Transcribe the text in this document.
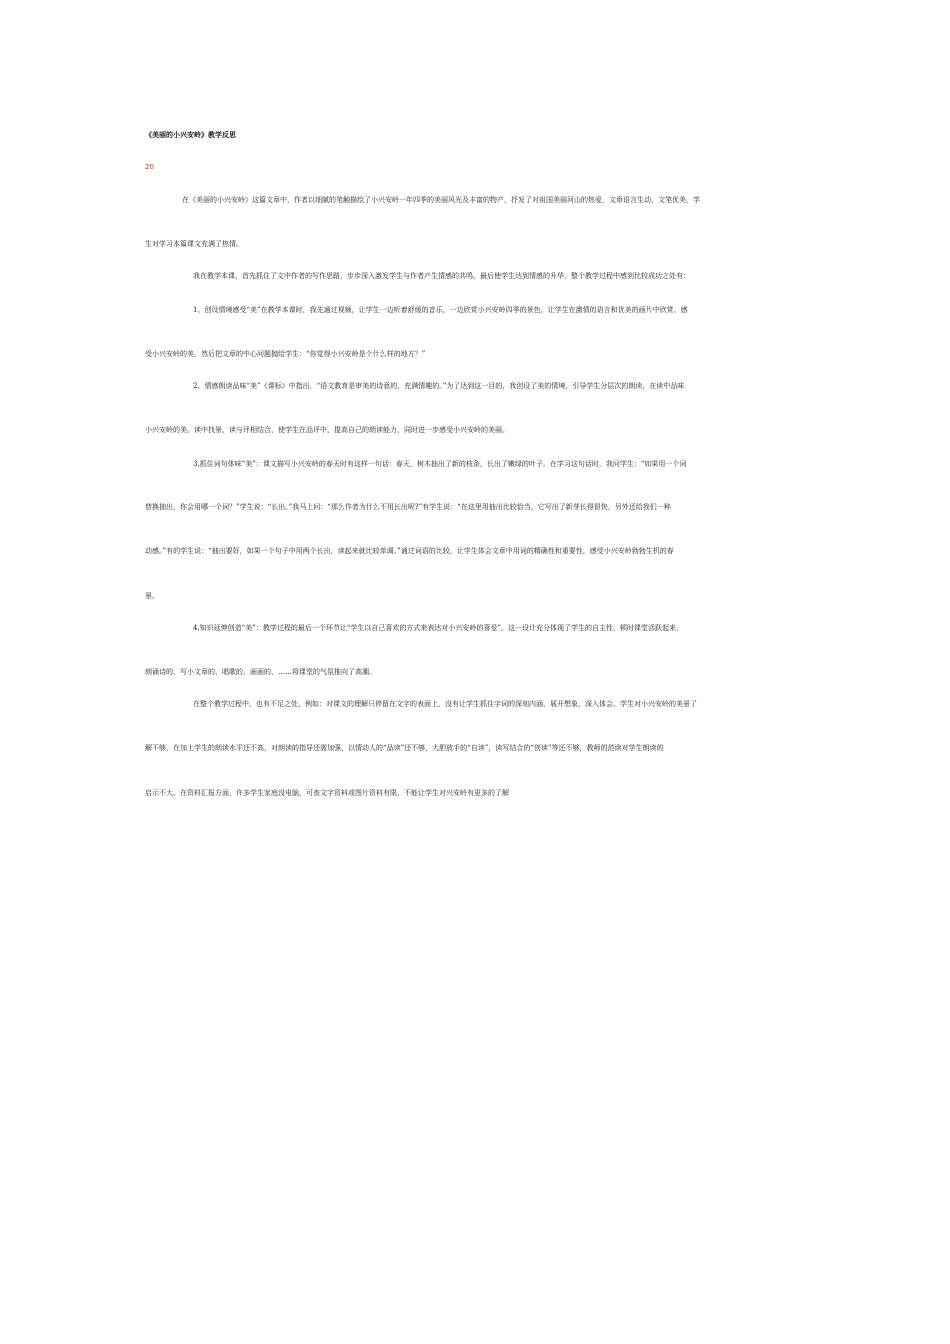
《美丽的小兴安岭》教学反思
20
在《美丽的小兴安岭》这篇文章中，作者以细腻的笔触描绘了小兴安岭一年四季的美丽风光及丰富的物产，抒发了对祖国美丽河山的热爱，文章语言生动，文笔优美，学
生对学习本篇课文充满了热情。
我在教学本课，首先抓住了文中作者的写作思路，步步深入激发学生与作者产生情感的共鸣，最后使学生达到情感的升华，整个教学过程中感到比较成功之处有：
1、创设情境感受“美”在教学本课时，我先通过视频，让学生一边听着舒缓的音乐，一边欣赏小兴安岭四季的景色，让学生在激情的语言和优美的画片中欣赏、感
受小兴安岭的美，然后把文章的中心问题抛给学生：“你觉得小兴安岭是个什么样的地方？”
2、情感朗读品味“美”《课标》中指出，“语文教育是审美的诗意的，充满情趣的。”为了达到这一目的，我创设了美的情境，引导学生分层次的朗读，在读中品味
小兴安岭的美。读中找景，读与评相结合，使学生在品评中，提高自己的朗读能力，同时进一步感受小兴安岭的美丽。
3,抓住词句体味“美”：课文描写小兴安岭的春天时有这样一句话：春天，树木抽出了新的枝条，长出了嫩绿的叶子。在学习这句话时，我问学生：“如果用一个词
替换抽出，你会用哪一个词？”学生说：“长出。”我马上问：“那么作者为什么不用长出呢?”有学生说：“在这里用抽出比较恰当，它写出了新芽长得很快，另外还给我们一种
动感。”有的学生说：“抽出要好，如果一个句子中用两个长出，读起来就比较单调。”通过词语的比较，让学生体会文章中用词的精确性和重要性，感受小兴安岭勃勃生机的春
景。
4,知识延伸创造“美”：教学过程的最后一个环节让“学生以自己喜欢的方式来表达对小兴安岭的喜爱”。这一设计充分体现了学生的自主性，顿时课堂活跃起来，
朗诵诗的、写小文章的、唱歌的、画画的、……将课堂的气氛推向了高潮。
在整个教学过程中，也有不足之处，例如：对课文的理解只停留在文字的表面上，没有让学生抓住字词的深刻内涵，展开想象，深入体会。学生对小兴安岭的美景了
解不够，在加上学生的朗读水平还不高，对朗读的指导还需加强，以情动人的“品读”还不够，大胆放手的“自读”，读写结合的“创读”等还不够，教师的范读对学生朗读的
启示不大。在资料汇报方面，许多学生家庭没电脑，可查文字资料或图片资料有限，不能让学生对兴安岭有更多的了解
